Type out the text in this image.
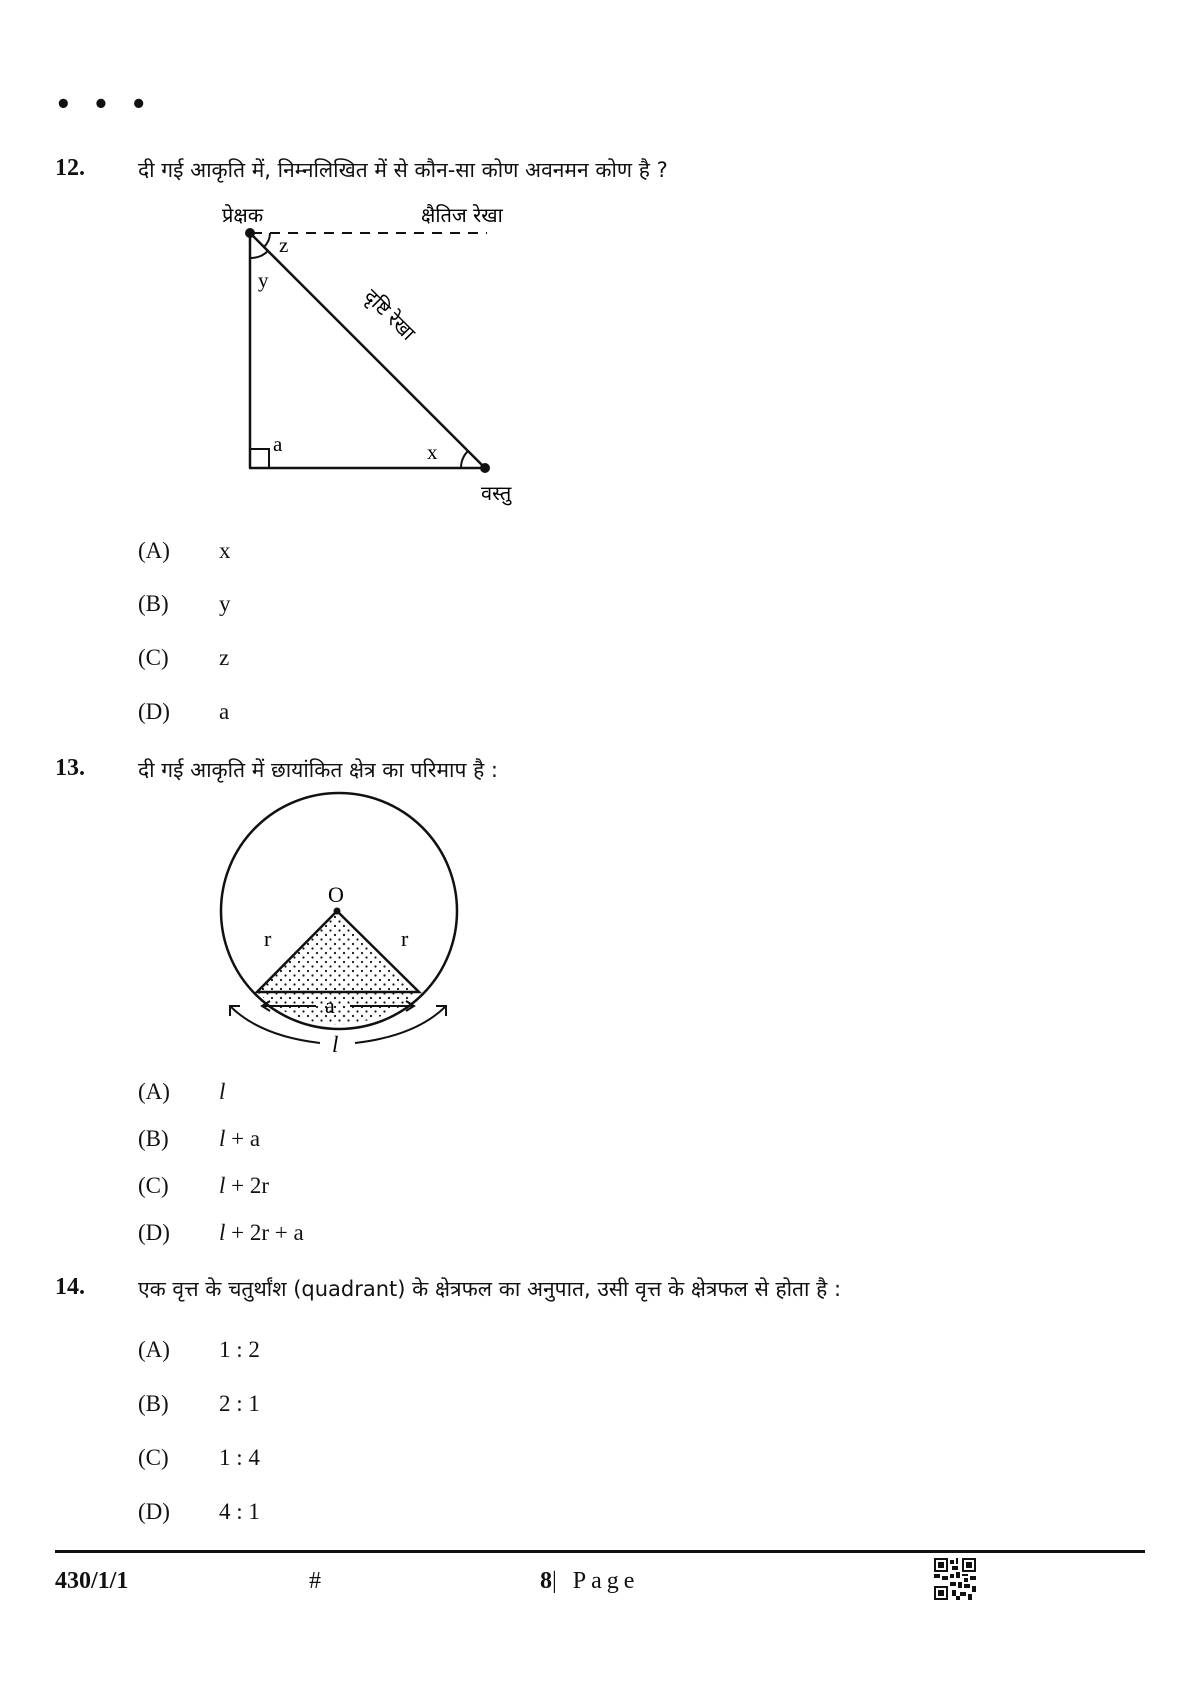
• • •
12.	दी गई आकृति में, निम्नलिखित में से कौन-सा कोण अवनमन कोण है ?
प्रेक्षक	क्षैतिज रेखा
z
y
x
a
दृष्टि रेखा
वस्तु
(A) x
(B) y
(C) z
(D) a
13.	दी गई आकृति में छायांकित क्षेत्र का परिमाप है :
O
r	r
a
l
(A) l
(B) l + a
(C) l + 2r
(D) l + 2r + a
14.	एक वृत्त के चतुर्थांश (quadrant) के क्षेत्रफल का अनुपात, उसी वृत्त के क्षेत्रफल से होता है :
(A) 1 : 2
(B) 2 : 1
(C) 1 : 4
(D) 4 : 1
430/1/1	#	8| Page
